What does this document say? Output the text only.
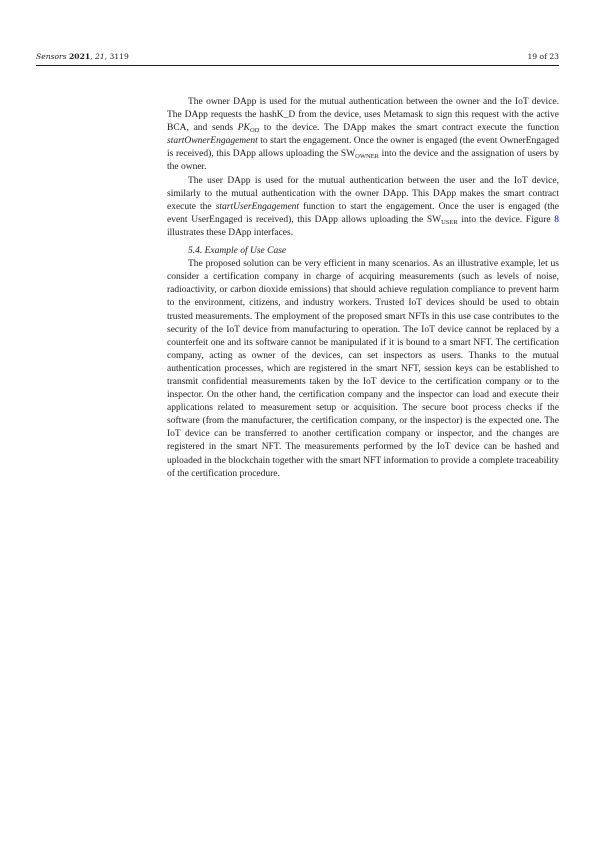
Sensors 2021, 21, 3119	19 of 23

The owner DApp is used for the mutual authentication between the owner and the IoT device. The DApp requests the hashK_D from the device, uses Metamask to sign this request with the active BCA, and sends $PK_{OD}$ to the device. The DApp makes the smart contract execute the function startOwnerEngagement to start the engagement. Once the owner is engaged (the event OwnerEngaged is received), this DApp allows uploading the $SW_{OWNER}$ into the device and the assignation of users by the owner.

The user DApp is used for the mutual authentication between the user and the IoT device, similarly to the mutual authentication with the owner DApp. This DApp makes the smart contract execute the startUserEngagement function to start the engagement. Once the user is engaged (the event UserEngaged is received), this DApp allows uploading the $SW_{USER}$ into the device. Figure 8 illustrates these DApp interfaces.

5.4. Example of Use Case

The proposed solution can be very efficient in many scenarios. As an illustrative example, let us consider a certification company in charge of acquiring measurements (such as levels of noise, radioactivity, or carbon dioxide emissions) that should achieve regulation compliance to prevent harm to the environment, citizens, and industry workers. Trusted IoT devices should be used to obtain trusted measurements. The employment of the proposed smart NFTs in this use case contributes to the security of the IoT device from manufacturing to operation. The IoT device cannot be replaced by a counterfeit one and its software cannot be manipulated if it is bound to a smart NFT. The certification company, acting as owner of the devices, can set inspectors as users. Thanks to the mutual authentication processes, which are registered in the smart NFT, session keys can be established to transmit confidential measurements taken by the IoT device to the certification company or to the inspector. On the other hand, the certification company and the inspector can load and execute their applications related to measurement setup or acquisition. The secure boot process checks if the software (from the manufacturer, the certification company, or the inspector) is the expected one. The IoT device can be transferred to another certification company or inspector, and the changes are registered in the smart NFT. The measurements performed by the IoT device can be hashed and uploaded in the blockchain together with the smart NFT information to provide a complete traceability of the certification procedure.
